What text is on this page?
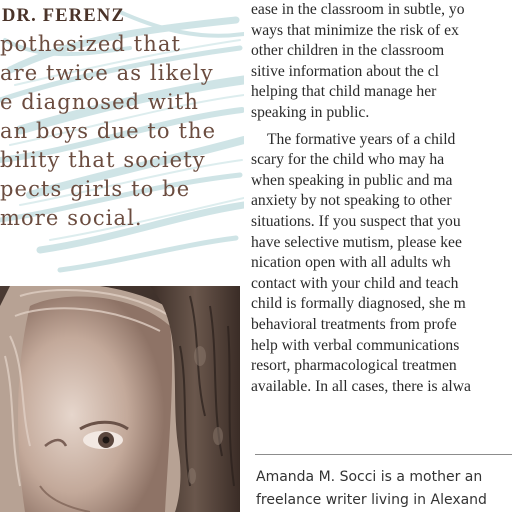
DR. FERENZ

pothesized that
are twice as likely
e diagnosed with
an boys due to the
bility that society
pects girls to be
more social.

ease in the classroom in subtle, yo
ways that minimize the risk of ex
other children in the classroom
sitive information about the cl
helping that child manage her
speaking in public.
The formative years of a child
scary for the child who may ha
when speaking in public and ma
anxiety by not speaking to other
situations. If you suspect that you
have selective mutism, please kee
nication open with all adults wh
contact with your child and teach
child is formally diagnosed, she m
behavioral treatments from profe
help with verbal communications
resort, pharmacological treatmen
available. In all cases, there is alwa
Amanda M. Socci is a mother an
freelance writer living in Alexand
